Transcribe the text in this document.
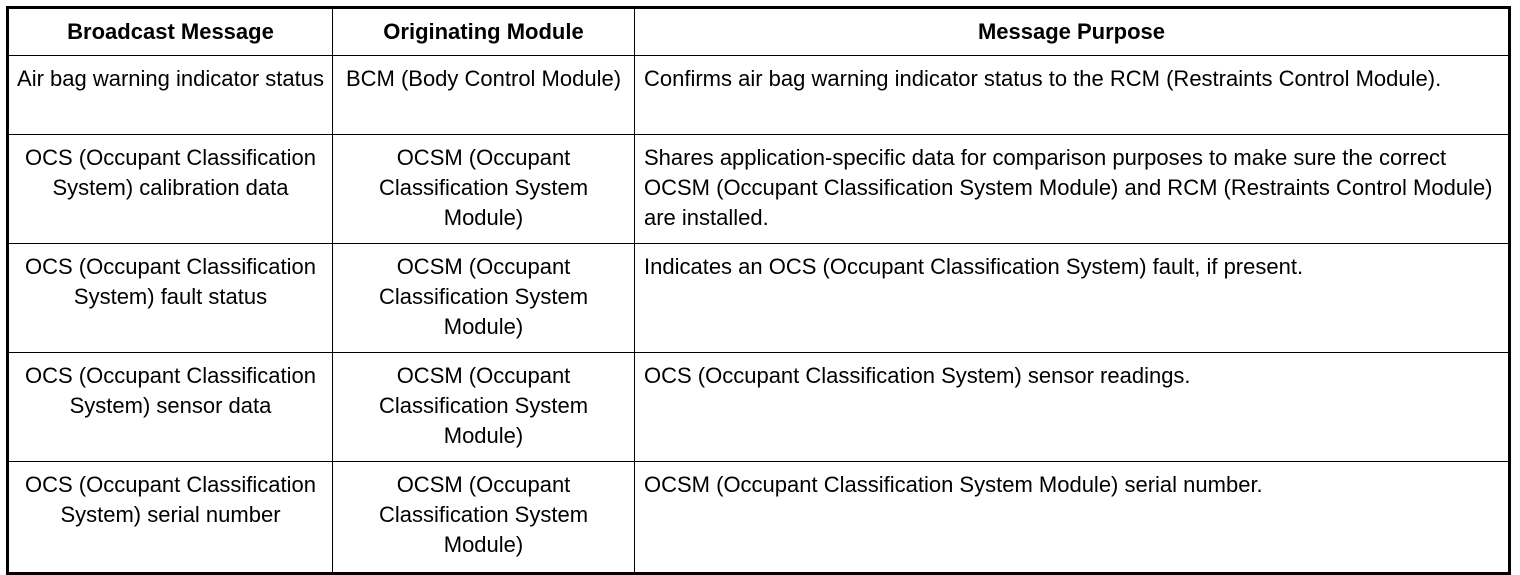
Broadcast Message	Originating Module	Message Purpose

Air bag warning indicator status	BCM (Body Control Module)	Confirms air bag warning indicator status to the RCM (Restraints Control Module).

OCS (Occupant Classification System) calibration data	OCSM (Occupant Classification System Module)	Shares application-specific data for comparison purposes to make sure the correct OCSM (Occupant Classification System Module) and RCM (Restraints Control Module) are installed.

OCS (Occupant Classification System) fault status	OCSM (Occupant Classification System Module)	Indicates an OCS (Occupant Classification System) fault, if present.

OCS (Occupant Classification System) sensor data	OCSM (Occupant Classification System Module)	OCS (Occupant Classification System) sensor readings.

OCS (Occupant Classification System) serial number	OCSM (Occupant Classification System Module)	OCSM (Occupant Classification System Module) serial number.
